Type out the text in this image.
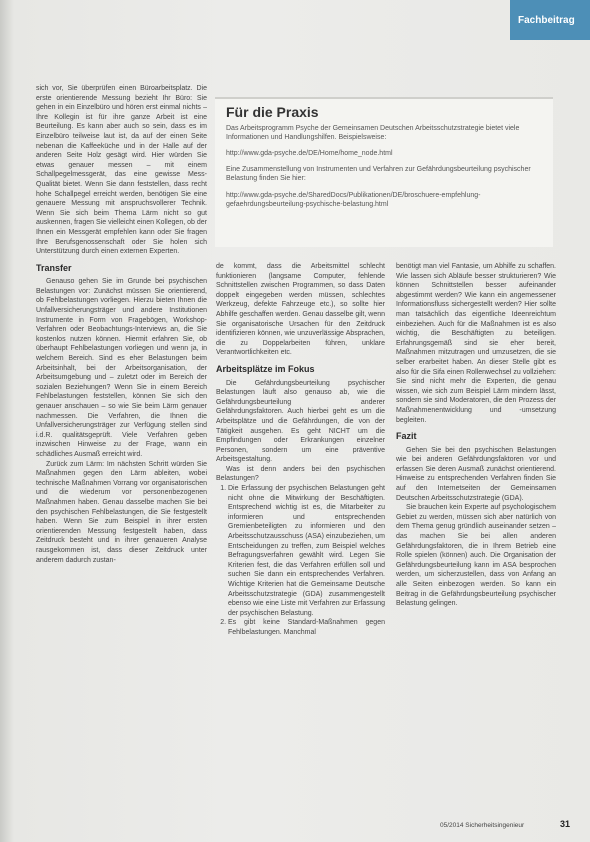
Fachbeitrag
Für die Praxis

Das Arbeitsprogramm Psyche der Gemeinsamen Deutschen Arbeitsschutzstrategie bietet viele Informationen und Handlungshilfen. Beispielsweise:

http://www.gda-psyche.de/DE/Home/home_node.html

Eine Zusammenstellung von Instrumenten und Verfahren zur Gefährdungsbeurteilung psychischer Belastung finden Sie hier:

http://www.gda-psyche.de/SharedDocs/Publikationen/DE/broschuere-empfehlung-gefaehrdungsbeurteilung-psychische-belastung.html

sich vor, Sie überprüfen einen Büroarbeitsplatz. Die erste orientierende Messung bezieht Ihr Büro: Sie gehen in ein Einzelbüro und hören erst einmal nichts – Ihre Kollegin ist für ihre ganze Arbeit ist eine Beurteilung. Es kann aber auch so sein, dass es im Einzelbüro teilweise laut ist, da auf der einen Seite nebenan die Kaffeeküche und in der Halle auf der anderen Seite Holz gesägt wird. Hier würden Sie etwas genauer messen – mit einem Schallpegelmessgerät, das eine gewisse Mess-Qualität bietet. Wenn Sie dann feststellen, dass recht hohe Schallpegel erreicht werden, benötigen Sie eine genauere Messung mit anspruchsvollerer Technik. Wenn Sie sich beim Thema Lärm nicht so gut auskennen, fragen Sie vielleicht einen Kollegen, ob der Ihnen ein Messgerät empfehlen kann oder Sie fragen Ihre Berufsgenossenschaft oder Sie holen sich Unterstützung durch einen externen Experten.

Transfer

Genauso gehen Sie im Grunde bei psychischen Belastungen vor: Zunächst müssen Sie orientierend, ob Fehlbelastungen vorliegen. Hierzu bieten Ihnen die Unfallversicherungsträger und andere Institutionen Instrumente in Form von Fragebögen, Workshop-Verfahren oder Beobachtungs-Interviews an, die Sie kostenlos nutzen können. Hiermit erfahren Sie, ob überhaupt Fehlbelastungen vorliegen und wenn ja, in welchem Bereich. Sind es eher Belastungen beim Arbeitsinhalt, bei der Arbeitsorganisation, der Arbeitsumgebung und – zuletzt oder im Bereich der sozialen Beziehungen? Wenn Sie in einem Bereich Fehlbelastungen feststellen, können Sie sich den genauer anschauen – so wie Sie beim Lärm genauer nachmessen. Die Verfahren, die Ihnen die Unfallversicherungsträger zur Verfügung stellen sind i.d.R. qualitätsgeprüft. Viele Verfahren geben inzwischen Hinweise zu der Frage, wann ein schädliches Ausmaß erreicht wird.

Zurück zum Lärm: Im nächsten Schritt würden Sie Maßnahmen gegen den Lärm ableiten, wobei technische Maßnahmen Vorrang vor organisatorischen und die wiederum vor personenbezogenen Maßnahmen haben. Genau dasselbe machen Sie bei den psychischen Fehlbelastungen, die Sie festgestellt haben. Wenn Sie zum Beispiel in ihrer ersten orientierenden Messung festgestellt haben, dass Zeitdruck besteht und in ihrer genaueren Analyse rausgekommen ist, dass dieser Zeitdruck unter anderem dadurch zustan-

de kommt, dass die Arbeitsmittel schlecht funktionieren (langsame Computer, fehlende Schnittstellen zwischen Programmen, so dass Daten doppelt eingegeben werden müssen, schlechtes Werkzeug, defekte Fahrzeuge etc.), so sollte hier Abhilfe geschaffen werden. Genau dasselbe gilt, wenn Sie organisatorische Ursachen für den Zeitdruck identifizieren können, wie unzuverlässige Absprachen, die zu Doppelarbeiten führen, unklare Verantwortlichkeiten etc.

Arbeitsplätze im Fokus

Die Gefährdungsbeurteilung psychischer Belastungen läuft also genauso ab, wie die Gefährdungsbeurteilung anderer Gefährdungsfaktoren. Auch hierbei geht es um die Arbeitsplätze und die Gefährdungen, die von der Tätigkeit ausgehen. Es geht NICHT um die Empfindungen oder Erkrankungen einzelner Personen, sondern um eine präventive Arbeitsgestaltung.

Was ist denn anders bei den psychischen Belastungen?

1. Die Erfassung der psychischen Belastungen geht nicht ohne die Mitwirkung der Beschäftigten. Entsprechend wichtig ist es, die Mitarbeiter zu informieren und entsprechenden Gremienbeteiligten zu informieren und den Arbeitsschutzausschuss (ASA) einzubeziehen, um Entscheidungen zu treffen, zum Beispiel welches Befragungsverfahren gewählt wird. Legen Sie Kriterien fest, die das Verfahren erfüllen soll und suchen Sie dann ein entsprechendes Verfahren. Wichtige Kriterien hat die Gemeinsame Deutsche Arbeitsschutzstrategie (GDA) zusammengestellt ebenso wie eine Liste mit Verfahren zur Erfassung der psychischen Belastung.
2. Es gibt keine Standard-Maßnahmen gegen Fehlbelastungen. Manchmal

benötigt man viel Fantasie, um Abhilfe zu schaffen. Wie lassen sich Abläufe besser strukturieren? Wie können Schnittstellen besser aufeinander abgestimmt werden? Wie kann ein angemessener Informationsfluss sichergestellt werden? Hier sollte man tatsächlich das eigentliche Ideenreichtum einbeziehen. Auch für die Maßnahmen ist es also wichtig, die Beschäftigten zu beteiligen. Erfahrungsgemäß sind sie eher bereit, Maßnahmen mitzutragen und umzusetzen, die sie selber erarbeitet haben. An dieser Stelle gibt es also für die Sifa einen Rollenwechsel zu vollziehen: Sie sind nicht mehr die Experten, die genau wissen, wie sich zum Beispiel Lärm mindern lässt, sondern sie sind Moderatoren, die den Prozess der Maßnahmenentwicklung und -umsetzung begleiten.

Fazit

Gehen Sie bei den psychischen Belastungen wie bei anderen Gefährdungsfaktoren vor und erfassen Sie deren Ausmaß zunächst orientierend. Hinweise zu entsprechenden Verfahren finden Sie auf den Internetseiten der Gemeinsamen Deutschen Arbeitsschutzstrategie (GDA).

Sie brauchen kein Experte auf psychologischem Gebiet zu werden, müssen sich aber natürlich von dem Thema genug gründlich auseinander setzen – das machen Sie bei allen anderen Gefährdungsfaktoren, die in Ihrem Betrieb eine Rolle spielen (können) auch. Die Organisation der Gefährdungsbeurteilung kann im ASA besprochen werden, um sicherzustellen, dass von Anfang an alle Seiten einbezogen werden. So kann ein Beitrag in die Gefährdungsbeurteilung psychischer Belastung gelingen.

05/2014 Sicherheitsingenieur	31
